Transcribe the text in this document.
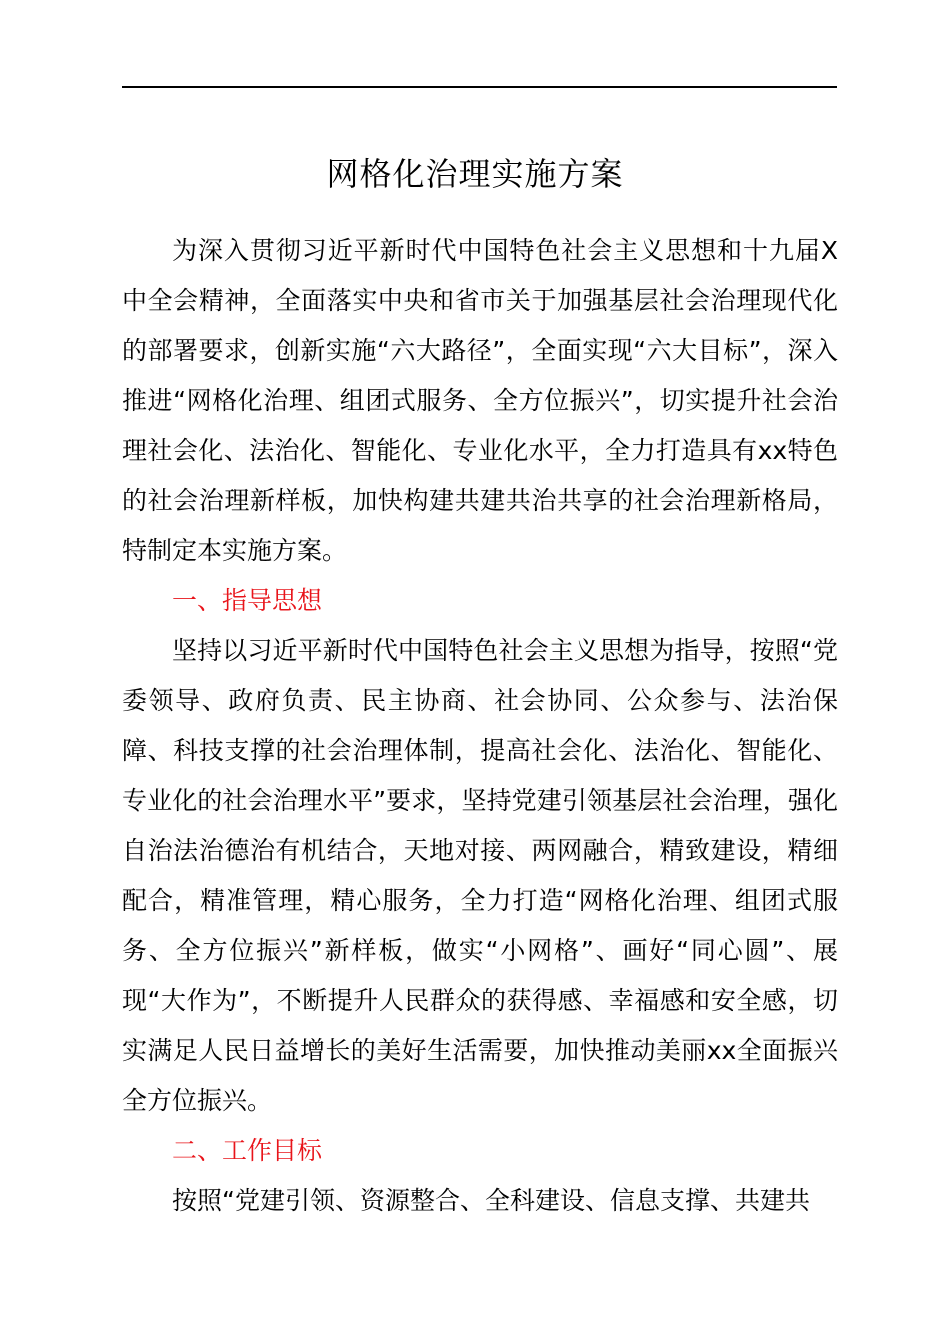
网格化治理实施方案

为深入贯彻习近平新时代中国特色社会主义思想和十九届X中全会精神，全面落实中央和省市关于加强基层社会治理现代化的部署要求，创新实施“六大路径”，全面实现“六大目标”，深入推进“网格化治理、组团式服务、全方位振兴”，切实提升社会治理社会化、法治化、智能化、专业化水平，全力打造具有xx特色的社会治理新样板，加快构建共建共治共享的社会治理新格局，特制定本实施方案。

一、指导思想

坚持以习近平新时代中国特色社会主义思想为指导，按照“党委领导、政府负责、民主协商、社会协同、公众参与、法治保障、科技支撑的社会治理体制，提高社会化、法治化、智能化、专业化的社会治理水平”要求，坚持党建引领基层社会治理，强化自治法治德治有机结合，天地对接、两网融合，精致建设，精细配合，精准管理，精心服务，全力打造“网格化治理、组团式服务、全方位振兴”新样板，做实“小网格”、画好“同心圆”、展现“大作为”，不断提升人民群众的获得感、幸福感和安全感，切实满足人民日益增长的美好生活需要，加快推动美丽xx全面振兴全方位振兴。

二、工作目标

按照“党建引领、资源整合、全科建设、信息支撑、共建共
